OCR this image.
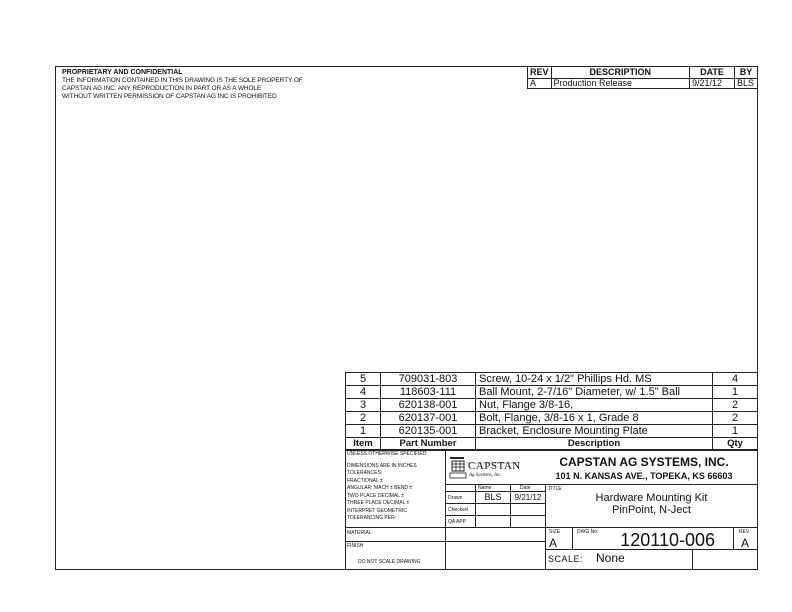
PROPRIETARY AND CONFIDENTIAL
THE INFORMATION CONTAINED IN THIS DRAWING IS THE SOLE PROPERTY OF
CAPSTAN AG INC. ANY REPRODUCTION IN PART OR AS A WHOLE
WITHOUT WRITTEN PERMISSION OF CAPSTAN AG INC IS PROHIBITED
REV	DESCRIPTION	DATE	BY
A	Production Release	9/21/12	BLS
5	709031-803	Screw, 10-24 x 1/2" Phillips Hd. MS	4
4	118603-111	Ball Mount, 2-7/16" Diameter, w/ 1.5" Ball	1
3	620138-001	Nut, Flange 3/8-16,	2
2	620137-001	Bolt, Flange, 3/8-16 x 1, Grade 8	2
1	620135-001	Bracket, Enclosure Mounting Plate	1
Item	Part Number	Description	Qty
UNLESS OTHERWISE SPECIFIED:
DIMENSIONS ARE IN INCHES
TOLERANCES:
FRACTIONAL ±
ANGULAR: MACH ± BEND ±
TWO PLACE DECIMAL ±
THREE PLACE DECIMAL ±
INTERPRET GEOMETRIC
TOLERANCING PER:
MATERIAL
FINISH
DO NOT SCALE DRAWING
CAPSTAN
Ag Systems, Inc.
CAPSTAN AG SYSTEMS, INC.
101 N. KANSAS AVE., TOPEKA, KS 66603
Name	Date
Drawn	BLS	9/21/12
Checked
QA APP
TITLE:
Hardware Mounting Kit
PinPoint, N-Ject
SIZE
A
DWG No:	120110-006	REV
A
SCALE: None
